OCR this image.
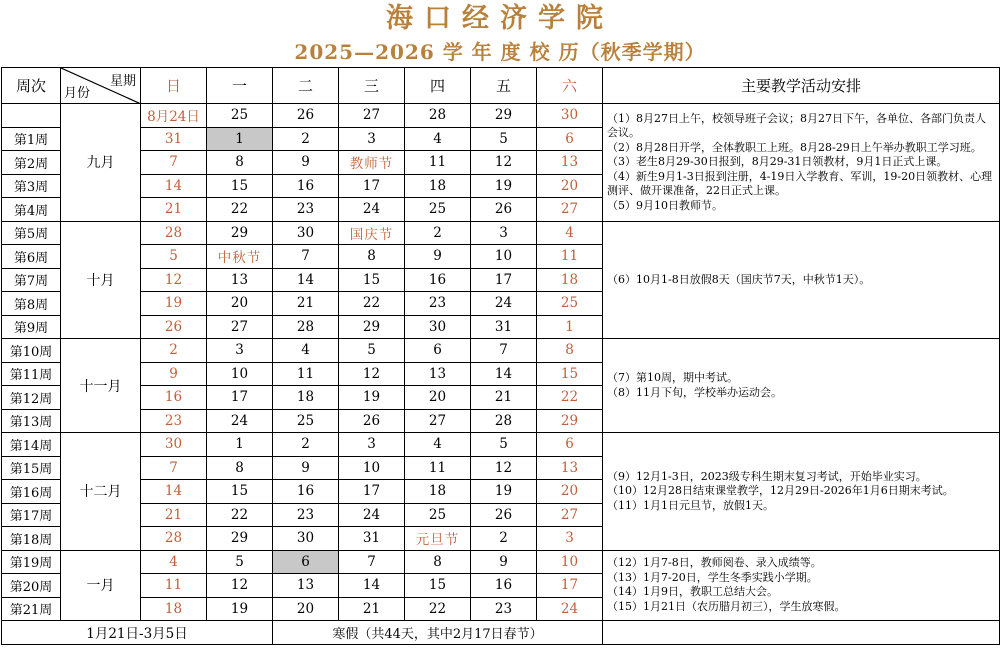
海口经济学院
2025—2026 学 年 度 校 历（秋季学期）
周次	星期
月份	日	一	二	三	四	五	六	主要教学活动安排
	九月	8月24日	25	26	27	28	29	30	（1）8月27日上午，校领导班子会议；8月27日下午，各单位、各部门负责人会议。

（2）8月28日开学，全体教职工上班。8月28-29日上午举办教职工学习班。

（3）老生8月29-30日报到，8月29-31日领教材，9月1日正式上课。

（4）新生9月1-3日报到注册，4-19日入学教育、军训，19-20日领教材、心理测评、做开课准备，22日正式上课。

（5）9月10日教师节。

第1周		31	1	2	3	4	5	6	
第2周		7	8	9	教师节	11	12	13	
第3周		14	15	16	17	18	19	20	
第4周		21	22	23	24	25	26	27	
第5周	十月	28	29	30	国庆节	2	3	4	（6）10月1-8日放假8天（国庆节7天，中秋节1天）。

第6周		5	中秋节	7	8	9	10	11	
第7周		12	13	14	15	16	17	18	
第8周		19	20	21	22	23	24	25	
第9周		26	27	28	29	30	31	1	
第10周	十一月	2	3	4	5	6	7	8	（7）第10周，期中考试。

（8）11月下旬，学校举办运动会。

第11周		9	10	11	12	13	14	15	
第12周		16	17	18	19	20	21	22	
第13周		23	24	25	26	27	28	29	
第14周	十二月	30	1	2	3	4	5	6	（9）12月1-3日，2023级专科生期末复习考试，开始毕业实习。

（10）12月28日结束课堂教学，12月29日-2026年1月6日期末考试。

（11）1月1日元旦节，放假1天。

第15周		7	8	9	10	11	12	13	
第16周		14	15	16	17	18	19	20	
第17周		21	22	23	24	25	26	27	
第18周		28	29	30	31	元旦节	2	3	
第19周	一月	4	5	6	7	8	9	10	（12）1月7-8日，教师阅卷、录入成绩等。

（13）1月7-20日，学生冬季实践小学期。

（14）1月9日，教职工总结大会。

（15）1月21日（农历腊月初三），学生放寒假。

第20周		11	12	13	14	15	16	17	
第21周		18	19	20	21	22	23	24	
1月21日-3月5日				寒假（共44天，其中2月17日春节）					
